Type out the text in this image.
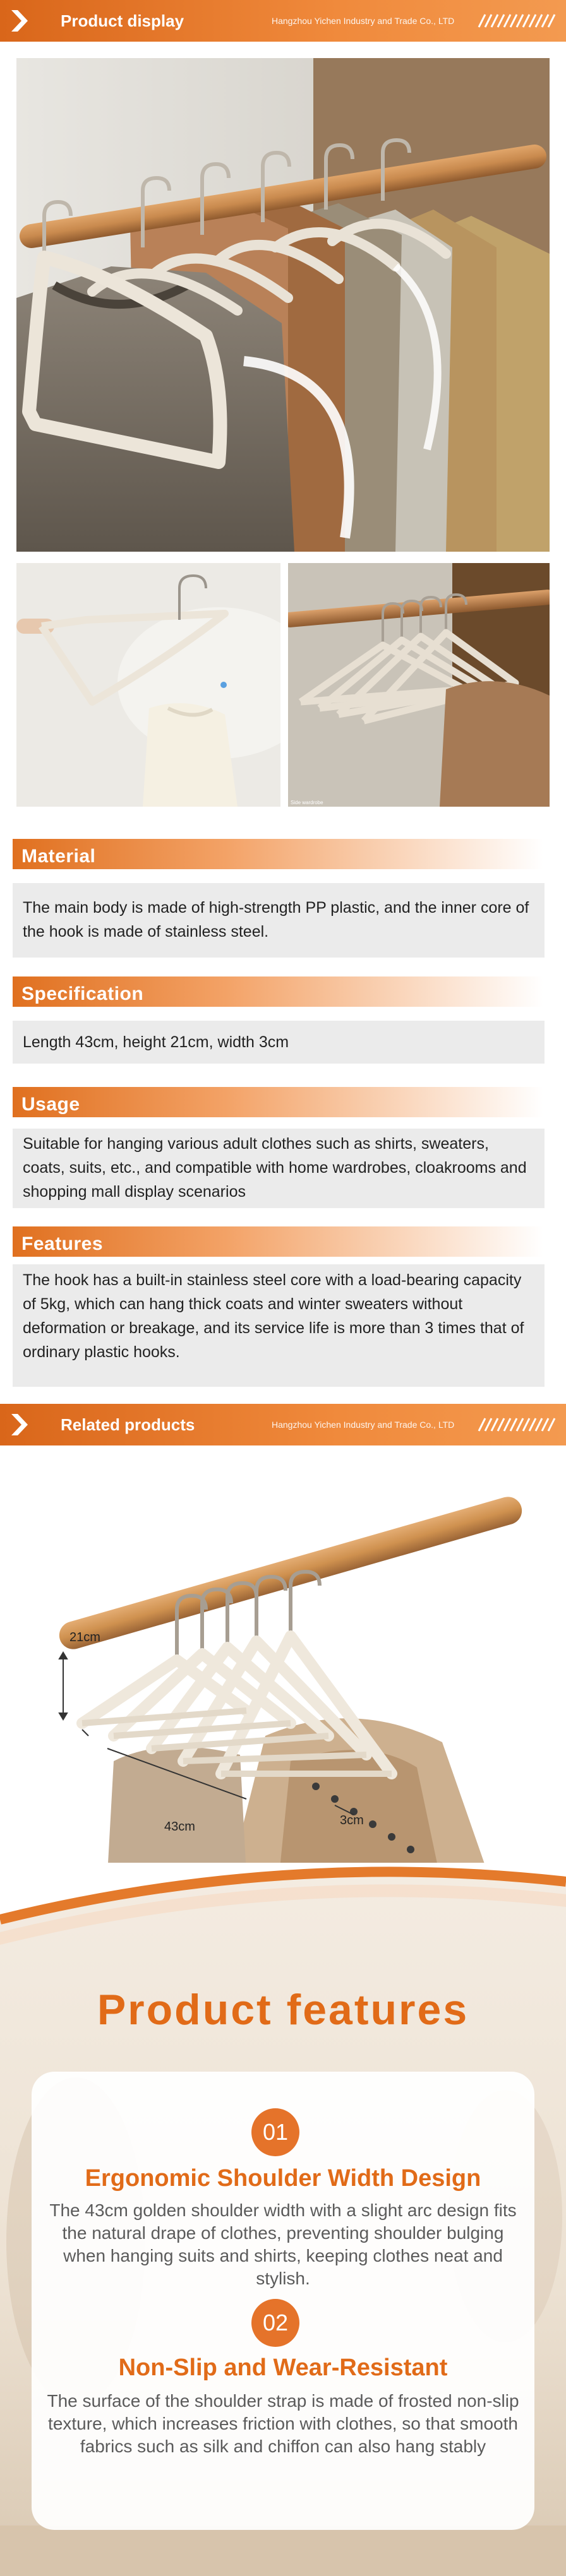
Product display	Hangzhou Yichen Industry and Trade Co., LTD
Side wardrobe
Material
The main body is made of high-strength PP plastic, and the inner core of the hook is made of stainless steel.
Specification
Length 43cm, height 21cm, width 3cm
Usage
Suitable for hanging various adult clothes such as shirts, sweaters, coats, suits, etc., and compatible with home wardrobes, cloakrooms and shopping mall display scenarios
Features
The hook has a built-in stainless steel core with a load-bearing capacity of 5kg, which can hang thick coats and winter sweaters without deformation or breakage, and its service life is more than 3 times that of ordinary plastic hooks.
Related products	Hangzhou Yichen Industry and Trade Co., LTD
21cm
43cm	3cm
Product features
01
Ergonomic Shoulder Width Design
The 43cm golden shoulder width with a slight arc design fits the natural drape of clothes, preventing shoulder bulging when hanging suits and shirts, keeping clothes neat and stylish.
02
Non-Slip and Wear-Resistant
The surface of the shoulder strap is made of frosted non-slip texture, which increases friction with clothes, so that smooth fabrics such as silk and chiffon can also hang stably
